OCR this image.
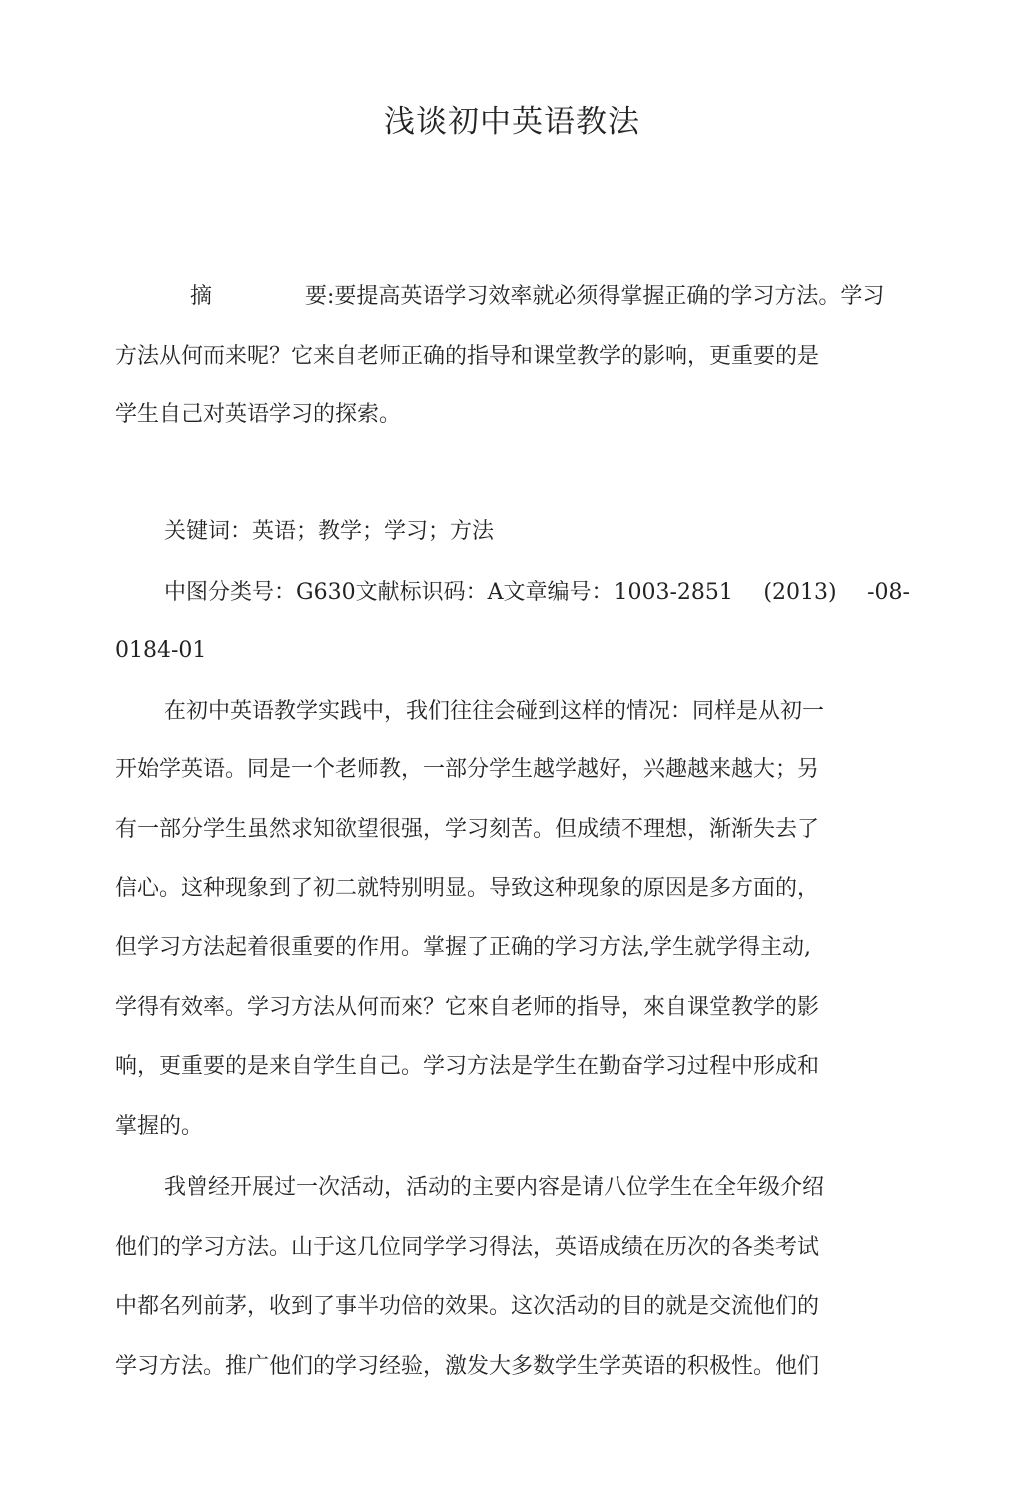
浅谈初中英语教法
摘	要:要提高英语学习效率就必须得掌握正确的学习方法。学习
方法从何而来呢？它来自老师正确的指导和课堂教学的影响，更重要的是
学生自己对英语学习的探索。
关键词：英语；教学；学习；方法
中图分类号：G630文献标识码：A文章编号：1003-2851 (2013) -08-
0184-01
在初中英语教学实践中，我们往往会碰到这样的情况：同样是从初一
开始学英语。同是一个老师教，一部分学生越学越好，兴趣越来越大；另
有一部分学生虽然求知欲望很强，学习刻苦。但成绩不理想，渐渐失去了
信心。这种现象到了初二就特别明显。导致这种现象的原因是多方面的，
但学习方法起着很重要的作用。掌握了正确的学习方法,学生就学得主动,
学得有效率。学习方法从何而來？它來自老师的指导，來自课堂教学的影
响，更重要的是来自学生自己。学习方法是学生在勤奋学习过程中形成和
掌握的。
我曾经开展过一次活动，活动的主要内容是请八位学生在全年级介绍
他们的学习方法。山于这几位同学学习得法，英语成绩在历次的各类考试
中都名列前茅，收到了事半功倍的效果。这次活动的目的就是交流他们的
学习方法。推广他们的学习经验，激发大多数学生学英语的积极性。他们
